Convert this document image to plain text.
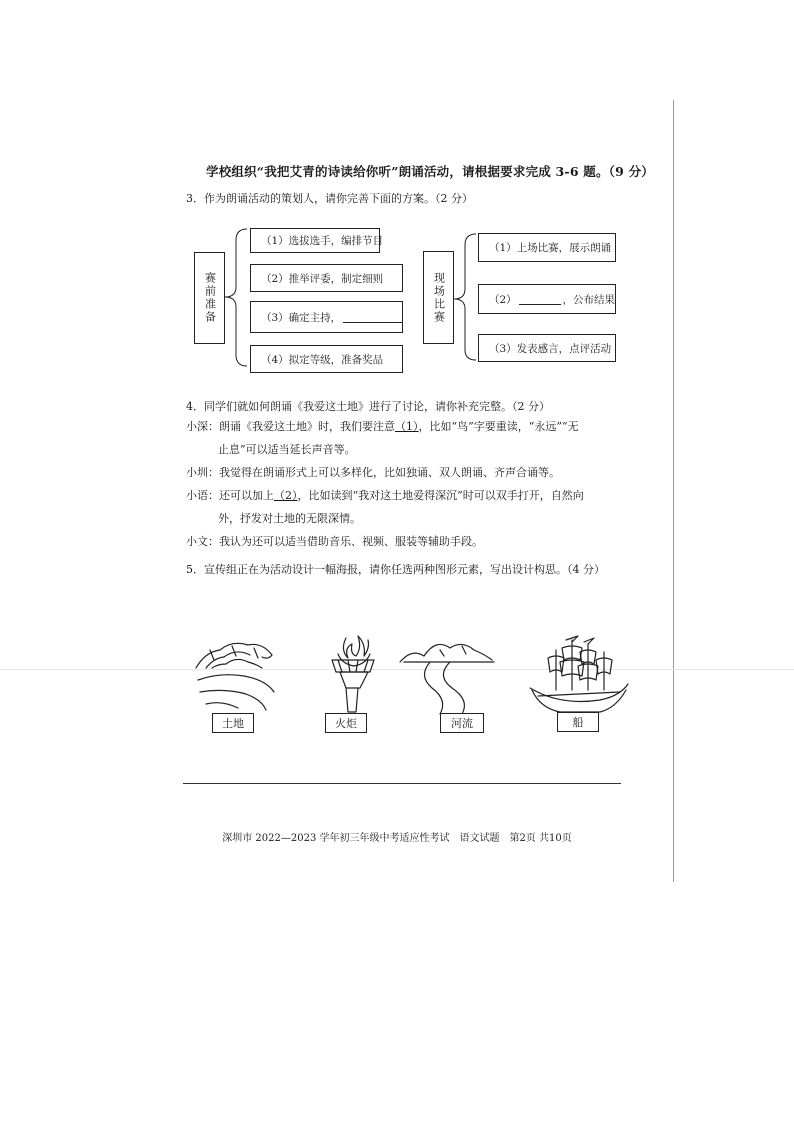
学校组织“我把艾青的诗读给你听”朗诵活动，请根据要求完成 3-6 题。（9 分）
3．作为朗诵活动的策划人，请你完善下面的方案。（2 分）
赛前准备
（1）选拔选手，编排节目
（2）推举评委，制定细则
（3）确定主持，
（4）拟定等级，准备奖品
现场比赛
（1）上场比赛，展示朗诵
（2）	，公布结果
（3）发表感言，点评活动
4．同学们就如何朗诵《我爱这土地》进行了讨论，请你补充完整。（2 分）
小深：朗诵《我爱这土地》时，我们要注意（1），比如“鸟”字要重读，“永远”“无
止息”可以适当延长声音等。
小圳：我觉得在朗诵形式上可以多样化，比如独诵、双人朗诵、齐声合诵等。
小语：还可以加上（2），比如读到“我对这土地爱得深沉”时可以双手打开，自然向
外，抒发对土地的无限深情。
小文：我认为还可以适当借助音乐、视频、服装等辅助手段。
5．宣传组正在为活动设计一幅海报，请你任选两种图形元素，写出设计构思。（4 分）
土地	火炬	河流	船
深圳市 2022—2023 学年初三年级中考适应性考试　语文试题　第2页 共10页
